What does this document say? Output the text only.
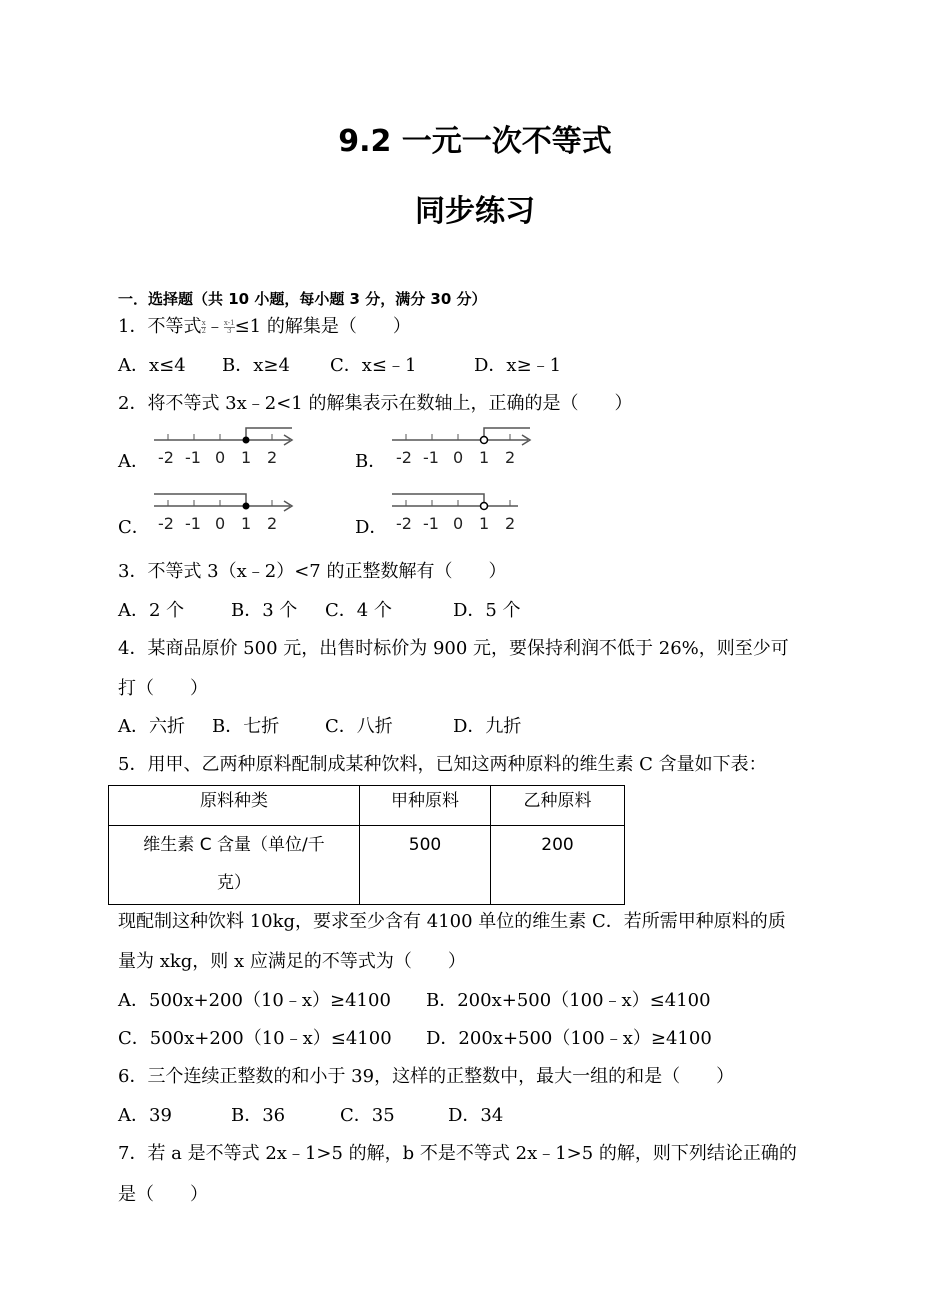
9.2 一元一次不等式
同步练习
一．选择题（共 10 小题，每小题 3 分，满分 30 分）
1．不等式 $\frac{x}{2}$ ﹣ $\frac{x-1}{3} \le 1$ 的解集是（　　）
A．x≤4 B．x≥4 C．x≤﹣1	D．x≥﹣1
2．将不等式 3x﹣2<1 的解集表示在数轴上，正确的是（　　）
A． -2 -1 0 1 2	B． -2 -1 0 1 2
C． -2 -1 0 1 2	D． -2 -1 0 1 2
3．不等式 3（x﹣2）<7 的正整数解有（　　）
A．2 个	B．3 个 C．4 个	D．5 个
4．某商品原价 500 元，出售时标价为 900 元，要保持利润不低于 26%，则至少可
打（　　）
A．六折 B．七折	C．八折	D．九折
5．用甲、乙两种原料配制成某种饮料，已知这两种原料的维生素 C 含量如下表：
原料种类	甲种原料	乙种原料

维生素 C 含量（单位/千
克）	500	200
现配制这种饮料 10kg，要求至少含有 4100 单位的维生素 C．若所需甲种原料的质
量为 xkg，则 x 应满足的不等式为（　　）
A．500x+200（10﹣x）≥4100 B．200x+500（100﹣x）≤4100
C．500x+200（10﹣x）≤4100 D．200x+500（100﹣x）≥4100
6．三个连续正整数的和小于 39，这样的正整数中，最大一组的和是（　　）
A．39	B．36	C．35	D．34
7．若 a 是不等式 2x﹣1>5 的解，b 不是不等式 2x﹣1>5 的解，则下列结论正确的
是（　　）
